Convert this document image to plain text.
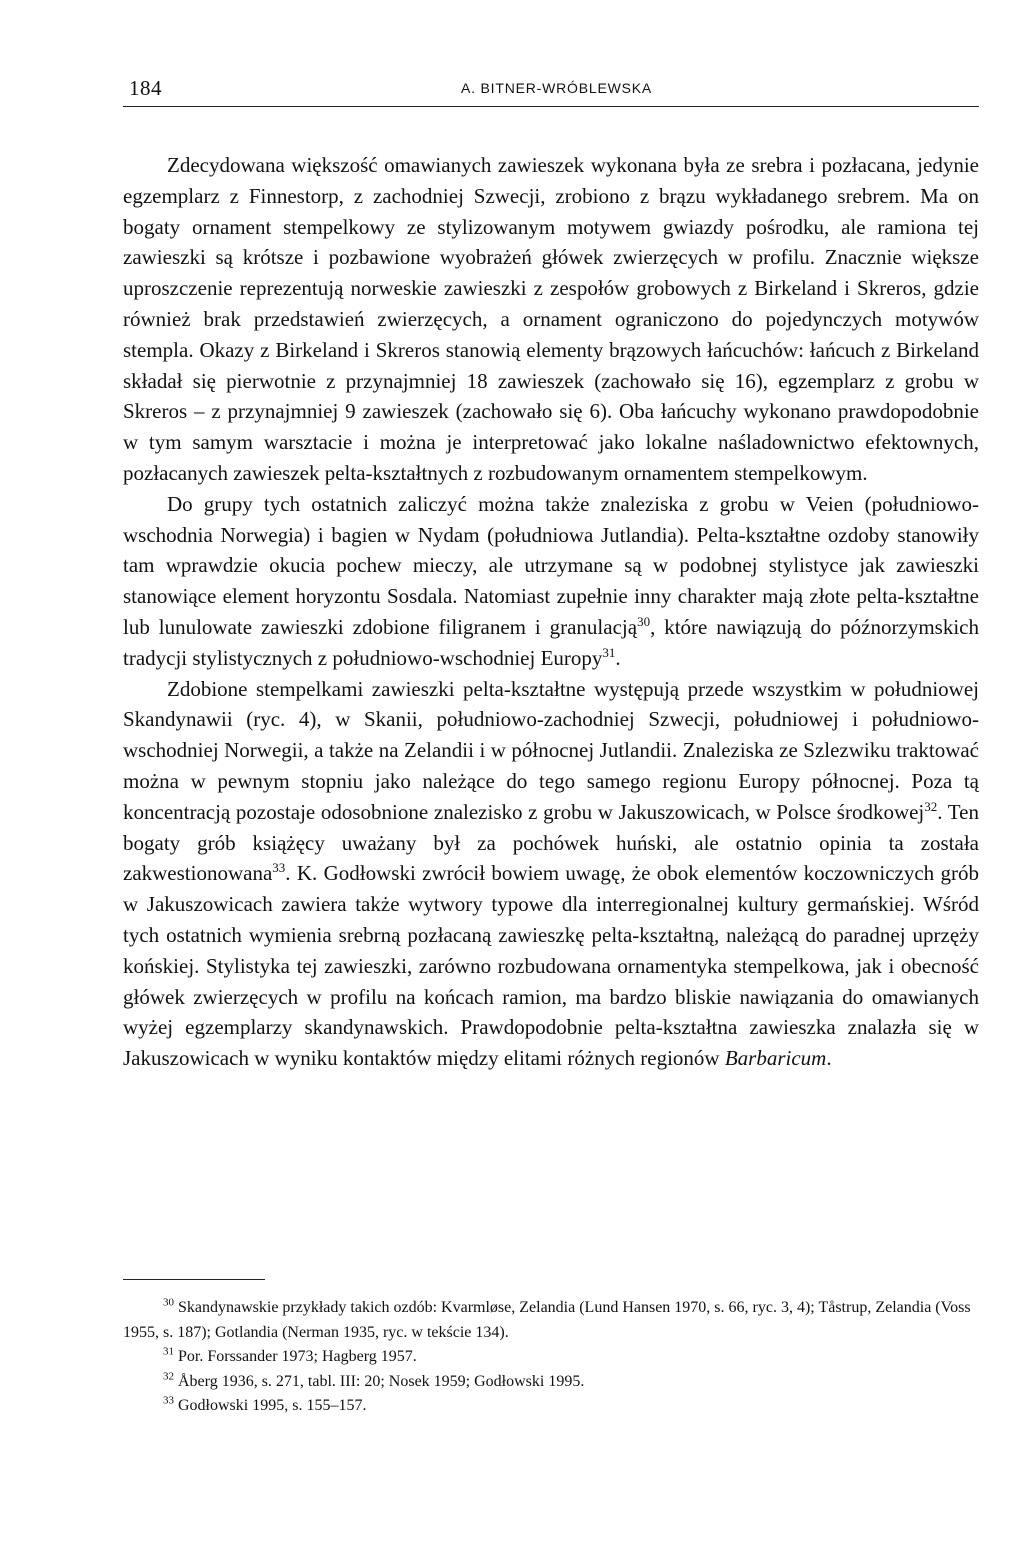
184	A. BITNER-WRÓBLEWSKA

Zdecydowana większość omawianych zawieszek wykonana była ze srebra i pozłacana, jedynie egzemplarz z Finnestorp, z zachodniej Szwecji, zrobiono z brązu wykładanego srebrem. Ma on bogaty ornament stempelkowy ze stylizowanym motywem gwiazdy pośrodku, ale ramiona tej zawieszki są krótsze i pozbawione wyobrażeń główek zwierzęcych w profilu. Znacznie większe uproszczenie reprezentują norweskie zawieszki z zespołów grobowych z Birkeland i Skreros, gdzie również brak przedstawień zwierzęcych, a ornament ograniczono do pojedynczych motywów stempla. Okazy z Birkeland i Skreros stanowią elementy brązowych łańcuchów: łańcuch z Birkeland składał się pierwotnie z przynajmniej 18 zawieszek (zachowało się 16), egzemplarz z grobu w Skreros – z przynajmniej 9 zawieszek (zachowało się 6). Oba łańcuchy wykonano prawdopodobnie w tym samym warsztacie i można je interpretować jako lokalne naśladownictwo efektownych, pozłacanych zawieszek pelta-kształtnych z rozbudowanym ornamentem stempelkowym.

Do grupy tych ostatnich zaliczyć można także znaleziska z grobu w Veien (południowo-wschodnia Norwegia) i bagien w Nydam (południowa Jutlandia). Pelta-kształtne ozdoby stanowiły tam wprawdzie okucia pochew mieczy, ale utrzymane są w podobnej stylistyce jak zawieszki stanowiące element horyzontu Sosdala. Natomiast zupełnie inny charakter mają złote pelta-kształtne lub lunulowate zawieszki zdobione filigranem i granulacją$^{30}$, które nawiązują do późnorzymskich tradycji stylistycznych z południowo-wschodniej Europy$^{31}$.

Zdobione stempelkami zawieszki pelta-kształtne występują przede wszystkim w południowej Skandynawii (ryc. 4), w Skanii, południowo-zachodniej Szwecji, południowej i południowo-wschodniej Norwegii, a także na Zelandii i w północnej Jutlandii. Znaleziska ze Szlezwiku traktować można w pewnym stopniu jako należące do tego samego regionu Europy północnej. Poza tą koncentracją pozostaje odosobnione znalezisko z grobu w Jakuszowicach, w Polsce środkowej$^{32}$. Ten bogaty grób książęcy uważany był za pochówek huński, ale ostatnio opinia ta została zakwestionowana$^{33}$. K. Godłowski zwrócił bowiem uwagę, że obok elementów koczowniczych grób w Jakuszowicach zawiera także wytwory typowe dla interregionalnej kultury germańskiej. Wśród tych ostatnich wymienia srebrną pozłacaną zawieszkę pelta-kształtną, należącą do paradnej uprzęży końskiej. Stylistyka tej zawieszki, zarówno rozbudowana ornamentyka stempelkowa, jak i obecność główek zwierzęcych w profilu na końcach ramion, ma bardzo bliskie nawiązania do omawianych wyżej egzemplarzy skandynawskich. Prawdopodobnie pelta-kształtna zawieszka znalazła się w Jakuszowicach w wyniku kontaktów między elitami różnych regionów Barbaricum.

$^{30}$ Skandynawskie przykłady takich ozdób: Kvarmløse, Zelandia (Lund Hansen 1970, s. 66, ryc. 3, 4); Tåstrup, Zelandia (Voss 1955, s. 187); Gotlandia (Nerman 1935, ryc. w tekście 134).

$^{31}$ Por. Forssander 1973; Hagberg 1957.

$^{32}$ Åberg 1936, s. 271, tabl. III: 20; Nosek 1959; Godłowski 1995.

$^{33}$ Godłowski 1995, s. 155–157.
